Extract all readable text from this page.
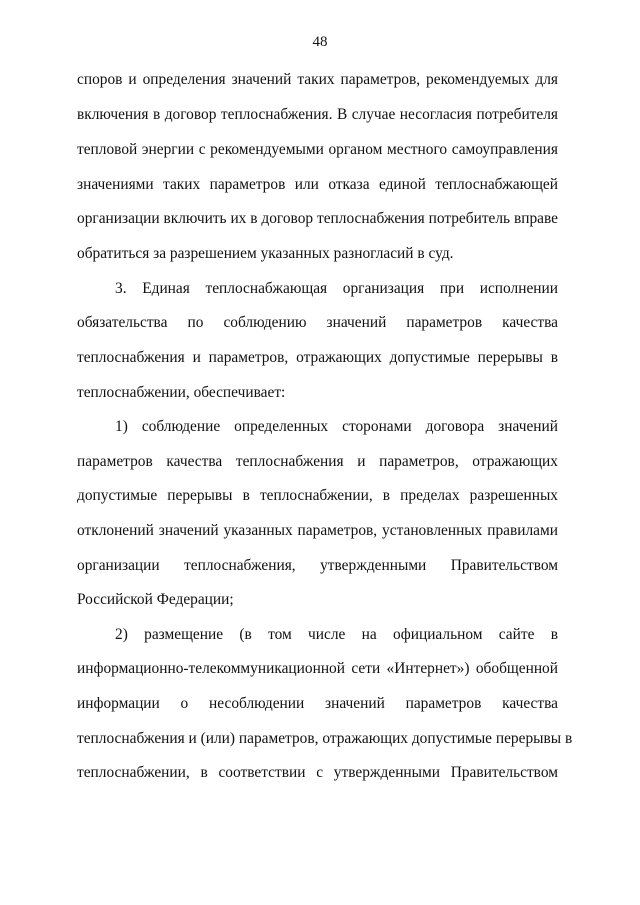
48
споров и определения значений таких параметров, рекомендуемых для
включения в договор теплоснабжения. В случае несогласия потребителя
тепловой энергии с рекомендуемыми органом местного самоуправления
значениями таких параметров или отказа единой теплоснабжающей
организации включить их в договор теплоснабжения потребитель вправе
обратиться за разрешением указанных разногласий в суд.
3. Единая теплоснабжающая организация при исполнении
обязательства по соблюдению значений параметров качества
теплоснабжения и параметров, отражающих допустимые перерывы в
теплоснабжении, обеспечивает:
1) соблюдение определенных сторонами договора значений
параметров качества теплоснабжения и параметров, отражающих
допустимые перерывы в теплоснабжении, в пределах разрешенных
отклонений значений указанных параметров, установленных правилами
организации теплоснабжения, утвержденными Правительством
Российской Федерации;
2) размещение (в том числе на официальном сайте в
информационно-телекоммуникационной сети «Интернет») обобщенной
информации о несоблюдении значений параметров качества
теплоснабжения и (или) параметров, отражающих допустимые перерывы в
теплоснабжении, в соответствии с утвержденными Правительством
